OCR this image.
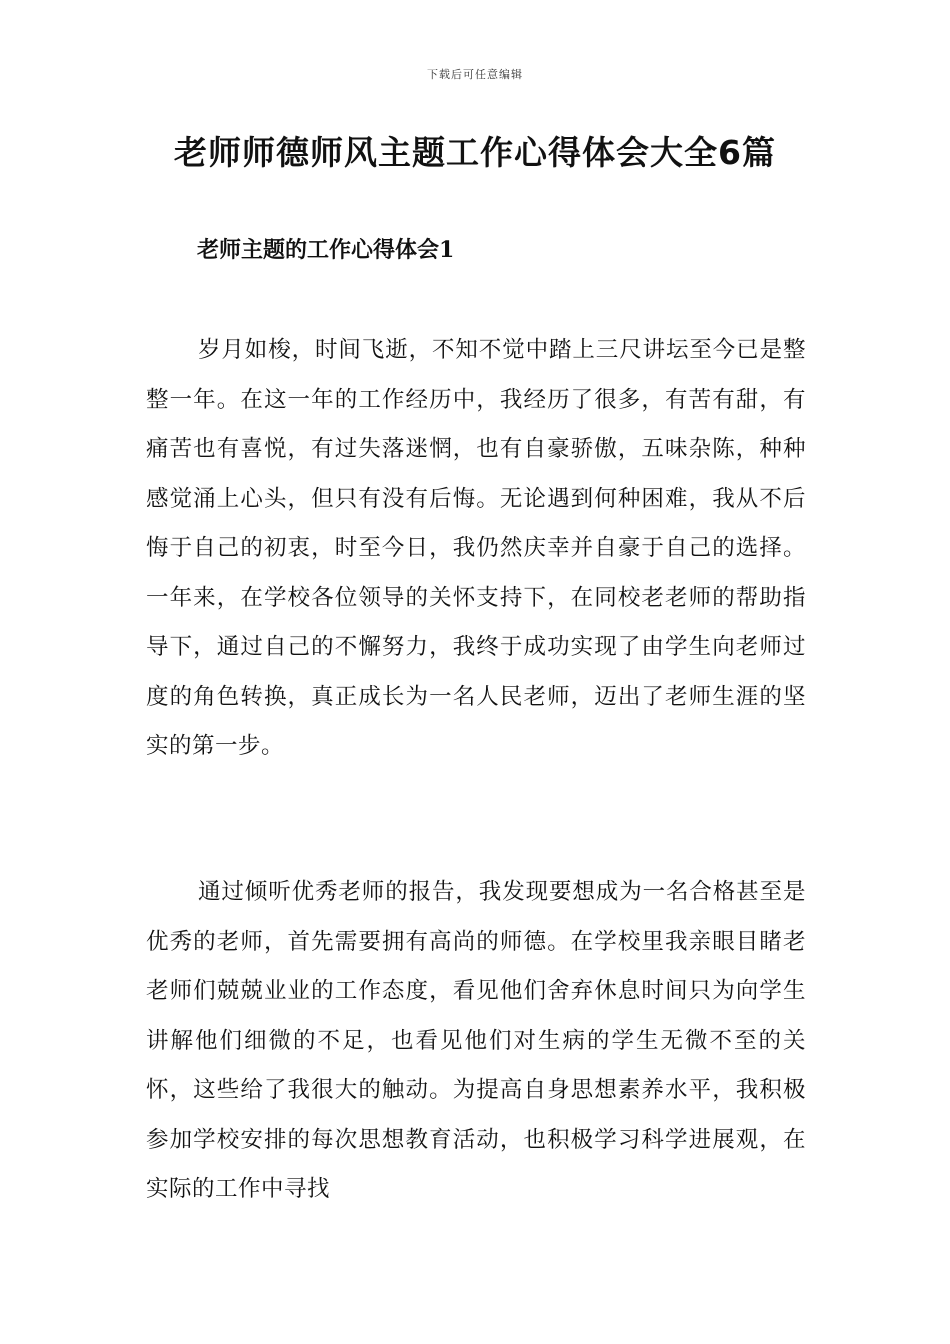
下载后可任意编辑
老师师德师风主题工作心得体会大全6篇
老师主题的工作心得体会1

岁月如梭，时间飞逝，不知不觉中踏上三尺讲坛至今已是整整一年。在这一年的工作经历中，我经历了很多，有苦有甜，有痛苦也有喜悦，有过失落迷惘，也有自豪骄傲，五味杂陈，种种感觉涌上心头，但只有没有后悔。无论遇到何种困难，我从不后悔于自己的初衷，时至今日，我仍然庆幸并自豪于自己的选择。一年来，在学校各位领导的关怀支持下，在同校老老师的帮助指导下，通过自己的不懈努力，我终于成功实现了由学生向老师过度的角色转换，真正成长为一名人民老师，迈出了老师生涯的坚实的第一步。

通过倾听优秀老师的报告，我发现要想成为一名合格甚至是优秀的老师，首先需要拥有高尚的师德。在学校里我亲眼目睹老老师们兢兢业业的工作态度，看见他们舍弃休息时间只为向学生讲解他们细微的不足，也看见他们对生病的学生无微不至的关怀，这些给了我很大的触动。为提高自身思想素养水平，我积极参加学校安排的每次思想教育活动，也积极学习科学进展观，在实际的工作中寻找
